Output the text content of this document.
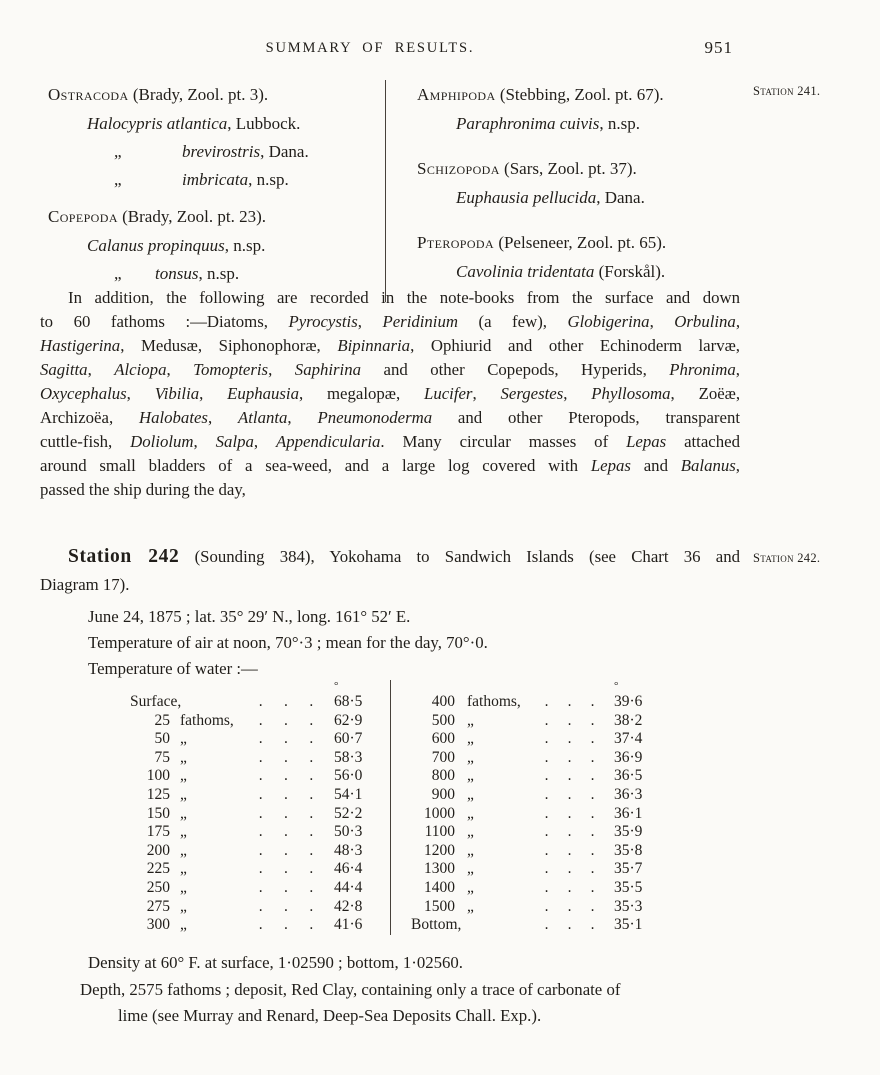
SUMMARY OF RESULTS.	951
Station 241.
Ostracoda (Brady, Zool. pt. 3).
Halocypris atlantica, Lubbock.
„	brevirostris, Dana.
„	imbricata, n.sp.
Copepoda (Brady, Zool. pt. 23).
Calanus propinquus, n.sp.
„ tonsus, n.sp.
Amphipoda (Stebbing, Zool. pt. 67).
Paraphronima cuivis, n.sp.
Schizopoda (Sars, Zool. pt. 37).
Euphausia pellucida, Dana.
Pteropoda (Pelseneer, Zool. pt. 65).
Cavolinia tridentata (Forskål).
In addition, the following are recorded in the note-books from the surface and down
to 60 fathoms :—Diatoms, Pyrocystis, Peridinium (a few), Globigerina, Orbulina,
Hastigerina, Medusæ, Siphonophoræ, Bipinnaria, Ophiurid and other Echinoderm larvæ,
Sagitta, Alciopa, Tomopteris, Saphirina and other Copepods, Hyperids, Phronima,
Oxycephalus, Vibilia, Euphausia, megalopæ, Lucifer, Sergestes, Phyllosoma, Zoëæ,
Archizoëa, Halobates, Atlanta, Pneumonoderma and other Pteropods, transparent
cuttle-fish, Doliolum, Salpa, Appendicularia. Many circular masses of Lepas attached
around small bladders of a sea-weed, and a large log covered with Lepas and Balanus,
passed the ship during the day,
Station 242 (Sounding 384), Yokohama to Sandwich Islands (see Chart 36 and
Diagram 17).
Station 242.
June 24, 1875 ; lat. 35° 29′ N., long. 161° 52′ E.
Temperature of air at noon, 70°·3 ; mean for the day, 70°·0.
Temperature of water :—
°
Surface,	. . .	68·5
25 fathoms,	. . .	62·9
50 „	. . .	60·7
75 „	. . .	58·3
100 „	. . .	56·0
125 „	. . .	54·1
150 „	. . .	52·2
175 „	. . .	50·3
200 „	. . .	48·3
225 „	. . .	46·4
250 „	. . .	44·4
275 „	. . .	42·8
300 „	. . .	41·6
°
400 fathoms,	. . .	39·6
500 „	. . .	38·2
600 „	. . .	37·4
700 „	. . .	36·9
800 „	. . .	36·5
900 „	. . .	36·3
1000 „	. . .	36·1
1100 „	. . .	35·9
1200 „	. . .	35·8
1300 „	. . .	35·7
1400 „	. . .	35·5
1500 „	. . .	35·3
Bottom,	. . .	35·1
Density at 60° F. at surface, 1·02590 ; bottom, 1·02560.
Depth, 2575 fathoms ; deposit, Red Clay, containing only a trace of carbonate of
lime (see Murray and Renard, Deep-Sea Deposits Chall. Exp.).
